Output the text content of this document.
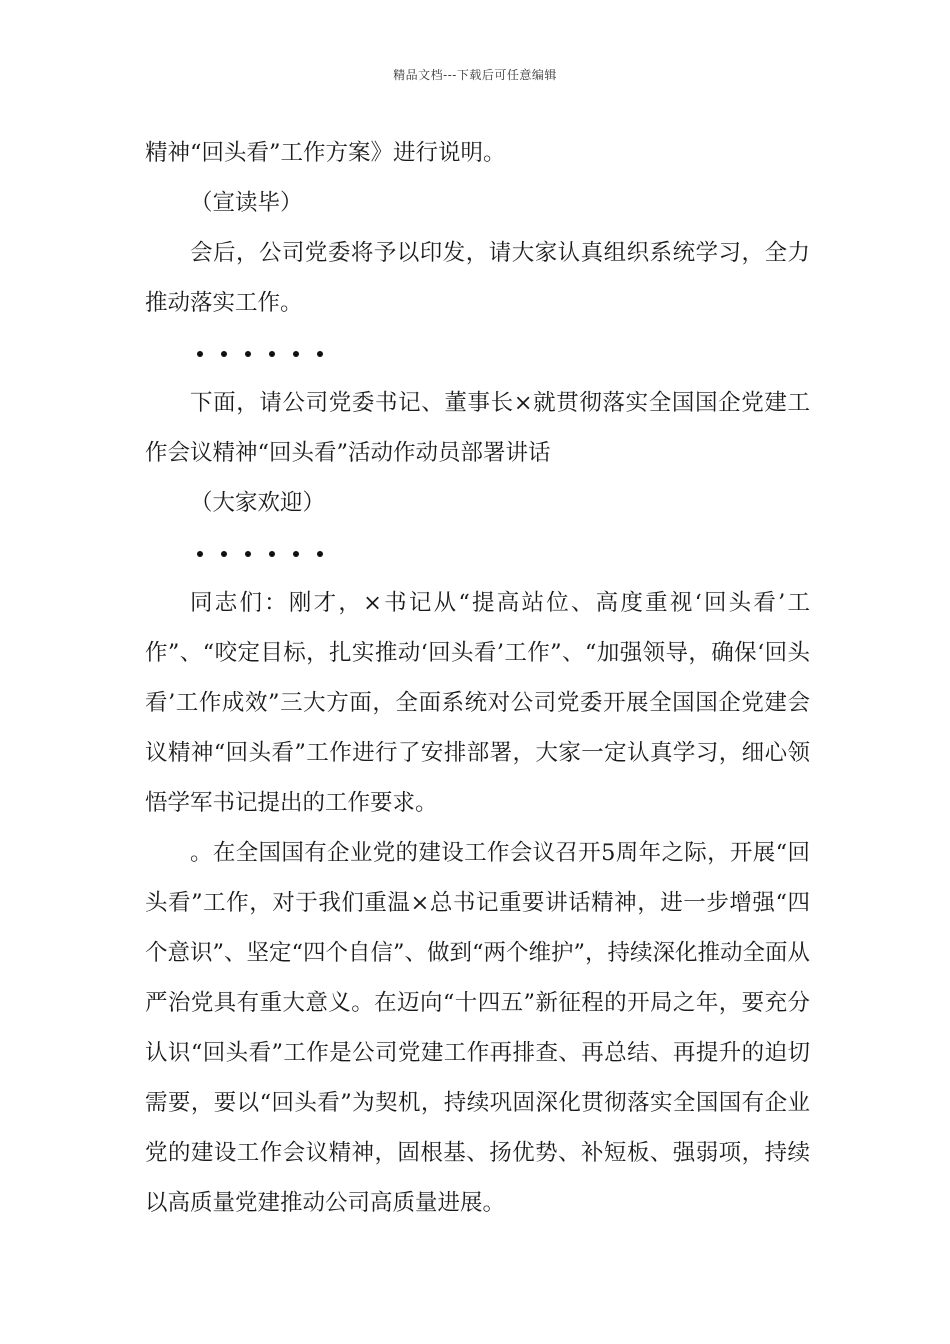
精品文档---下载后可任意编辑

精神“回头看”工作方案》进行说明。

（宣读毕）

会后，公司党委将予以印发，请大家认真组织系统学习，全力推动落实工作。

下面，请公司党委书记、董事长×就贯彻落实全国国企党建工作会议精神“回头看”活动作动员部署讲话

（大家欢迎）

同志们：刚才，×书记从“提高站位、高度重视‘回头看’工作”、“咬定目标，扎实推动‘回头看’工作”、“加强领导，确保‘回头看’工作成效”三大方面，全面系统对公司党委开展全国国企党建会议精神“回头看”工作进行了安排部署，大家一定认真学习，细心领悟学军书记提出的工作要求。

。在全国国有企业党的建设工作会议召开5周年之际，开展“回头看”工作，对于我们重温×总书记重要讲话精神，进一步增强“四个意识”、坚定“四个自信”、做到“两个维护”，持续深化推动全面从严治党具有重大意义。在迈向“十四五”新征程的开局之年，要充分认识“回头看”工作是公司党建工作再排查、再总结、再提升的迫切需要，要以“回头看”为契机，持续巩固深化贯彻落实全国国有企业党的建设工作会议精神，固根基、扬优势、补短板、强弱项，持续以高质量党建推动公司高质量进展。
